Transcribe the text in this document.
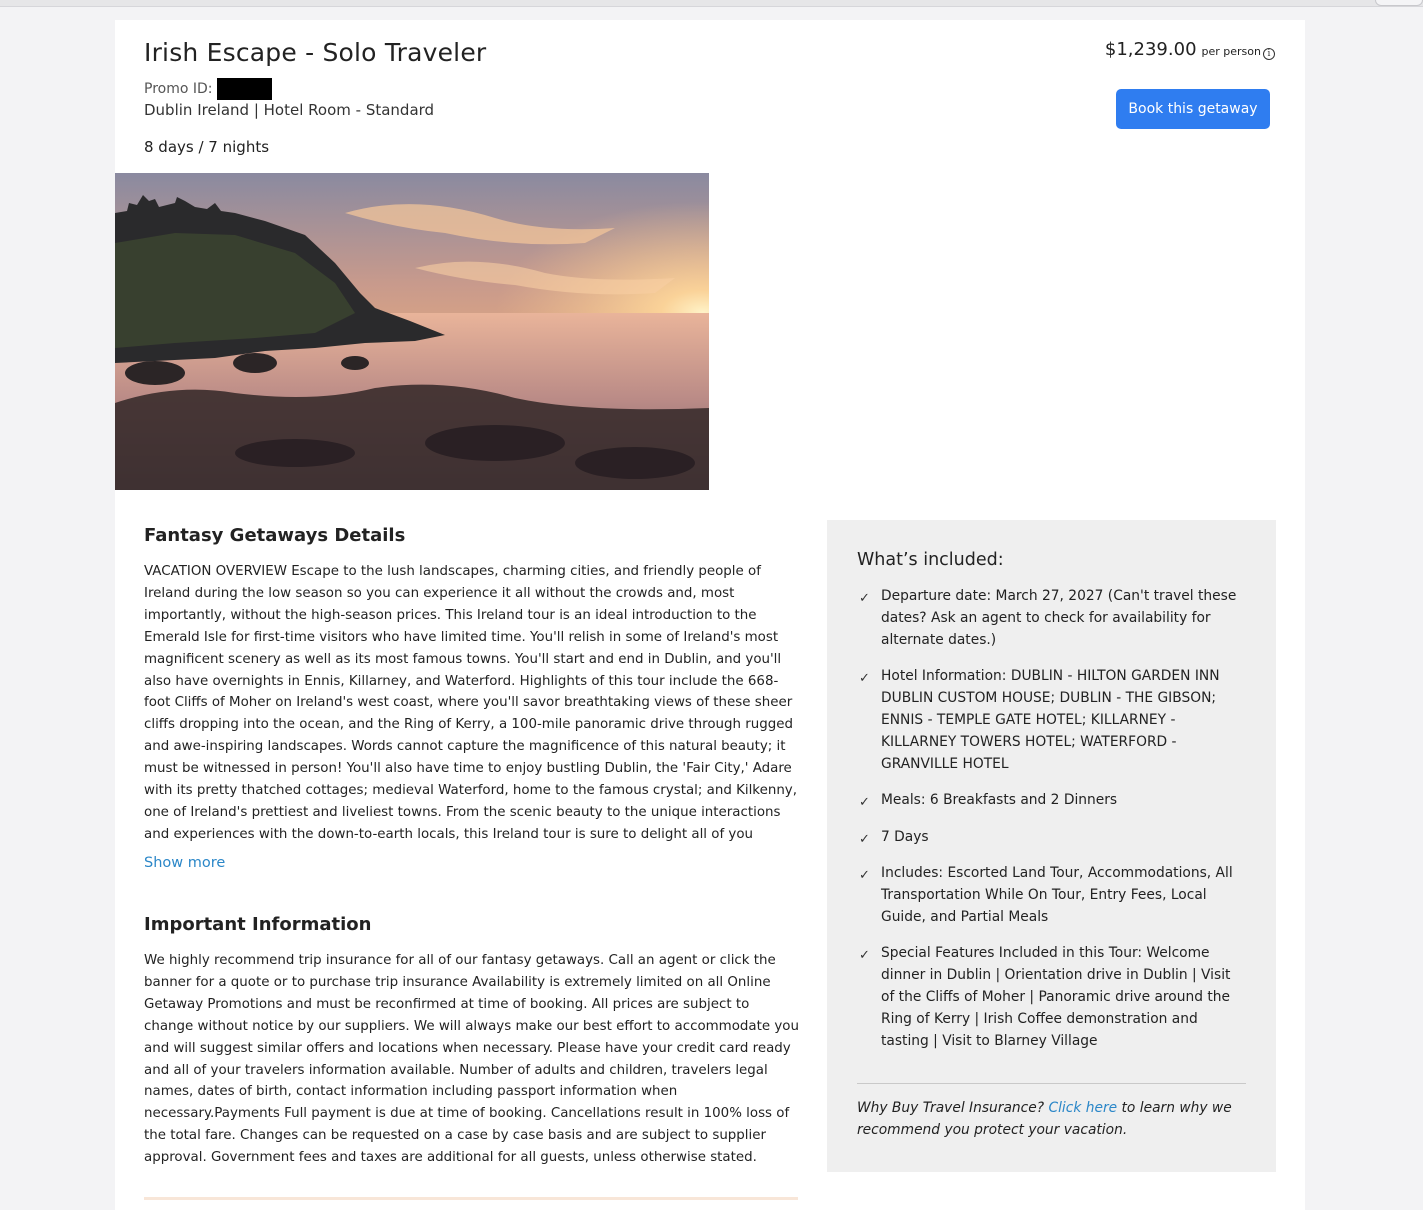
Irish Escape - Solo Traveler
Promo ID:
Dublin Ireland | Hotel Room - Standard
8 days / 7 nights
$1,239.00 per person i
Book this getaway
Fantasy Getaways Details

VACATION OVERVIEW Escape to the lush landscapes, charming cities, and friendly people of Ireland during the low season so you can experience it all without the crowds and, most importantly, without the high-season prices. This Ireland tour is an ideal introduction to the Emerald Isle for first-time visitors who have limited time. You'll relish in some of Ireland's most magnificent scenery as well as its most famous towns. You'll start and end in Dublin, and you'll also have overnights in Ennis, Killarney, and Waterford. Highlights of this tour include the 668-foot Cliffs of Moher on Ireland's west coast, where you'll savor breathtaking views of these sheer cliffs dropping into the ocean, and the Ring of Kerry, a 100-mile panoramic drive through rugged and awe-inspiring landscapes. Words cannot capture the magnificence of this natural beauty; it must be witnessed in person! You'll also have time to enjoy bustling Dublin, the 'Fair City,' Adare with its pretty thatched cottages; medieval Waterford, home to the famous crystal; and Kilkenny, one of Ireland's prettiest and liveliest towns. From the scenic beauty to the unique interactions and experiences with the down-to-earth locals, this Ireland tour is sure to delight all of you

Show more
Important Information

We highly recommend trip insurance for all of our fantasy getaways. Call an agent or click the banner for a quote or to purchase trip insurance Availability is extremely limited on all Online Getaway Promotions and must be reconfirmed at time of booking. All prices are subject to change without notice by our suppliers. We will always make our best effort to accommodate you and will suggest similar offers and locations when necessary. Please have your credit card ready and all of your travelers information available. Number of adults and children, travelers legal names, dates of birth, contact information including passport information when necessary.Payments Full payment is due at time of booking. Cancellations result in 100% loss of the total fare. Changes can be requested on a case by case basis and are subject to supplier approval. Government fees and taxes are additional for all guests, unless otherwise stated.

What’s included:
✓ Departure date: March 27, 2027 (Can't travel these dates? Ask an agent to check for availability for alternate dates.)
✓ Hotel Information: DUBLIN - HILTON GARDEN INN DUBLIN CUSTOM HOUSE; DUBLIN - THE GIBSON; ENNIS - TEMPLE GATE HOTEL; KILLARNEY - KILLARNEY TOWERS HOTEL; WATERFORD - GRANVILLE HOTEL
✓ Meals: 6 Breakfasts and 2 Dinners
✓ 7 Days
✓ Includes: Escorted Land Tour, Accommodations, All Transportation While On Tour, Entry Fees, Local Guide, and Partial Meals
✓ Special Features Included in this Tour: Welcome dinner in Dublin | Orientation drive in Dublin | Visit of the Cliffs of Moher | Panoramic drive around the Ring of Kerry | Irish Coffee demonstration and tasting | Visit to Blarney Village

Why Buy Travel Insurance? Click here to learn why we recommend you protect your vacation.
